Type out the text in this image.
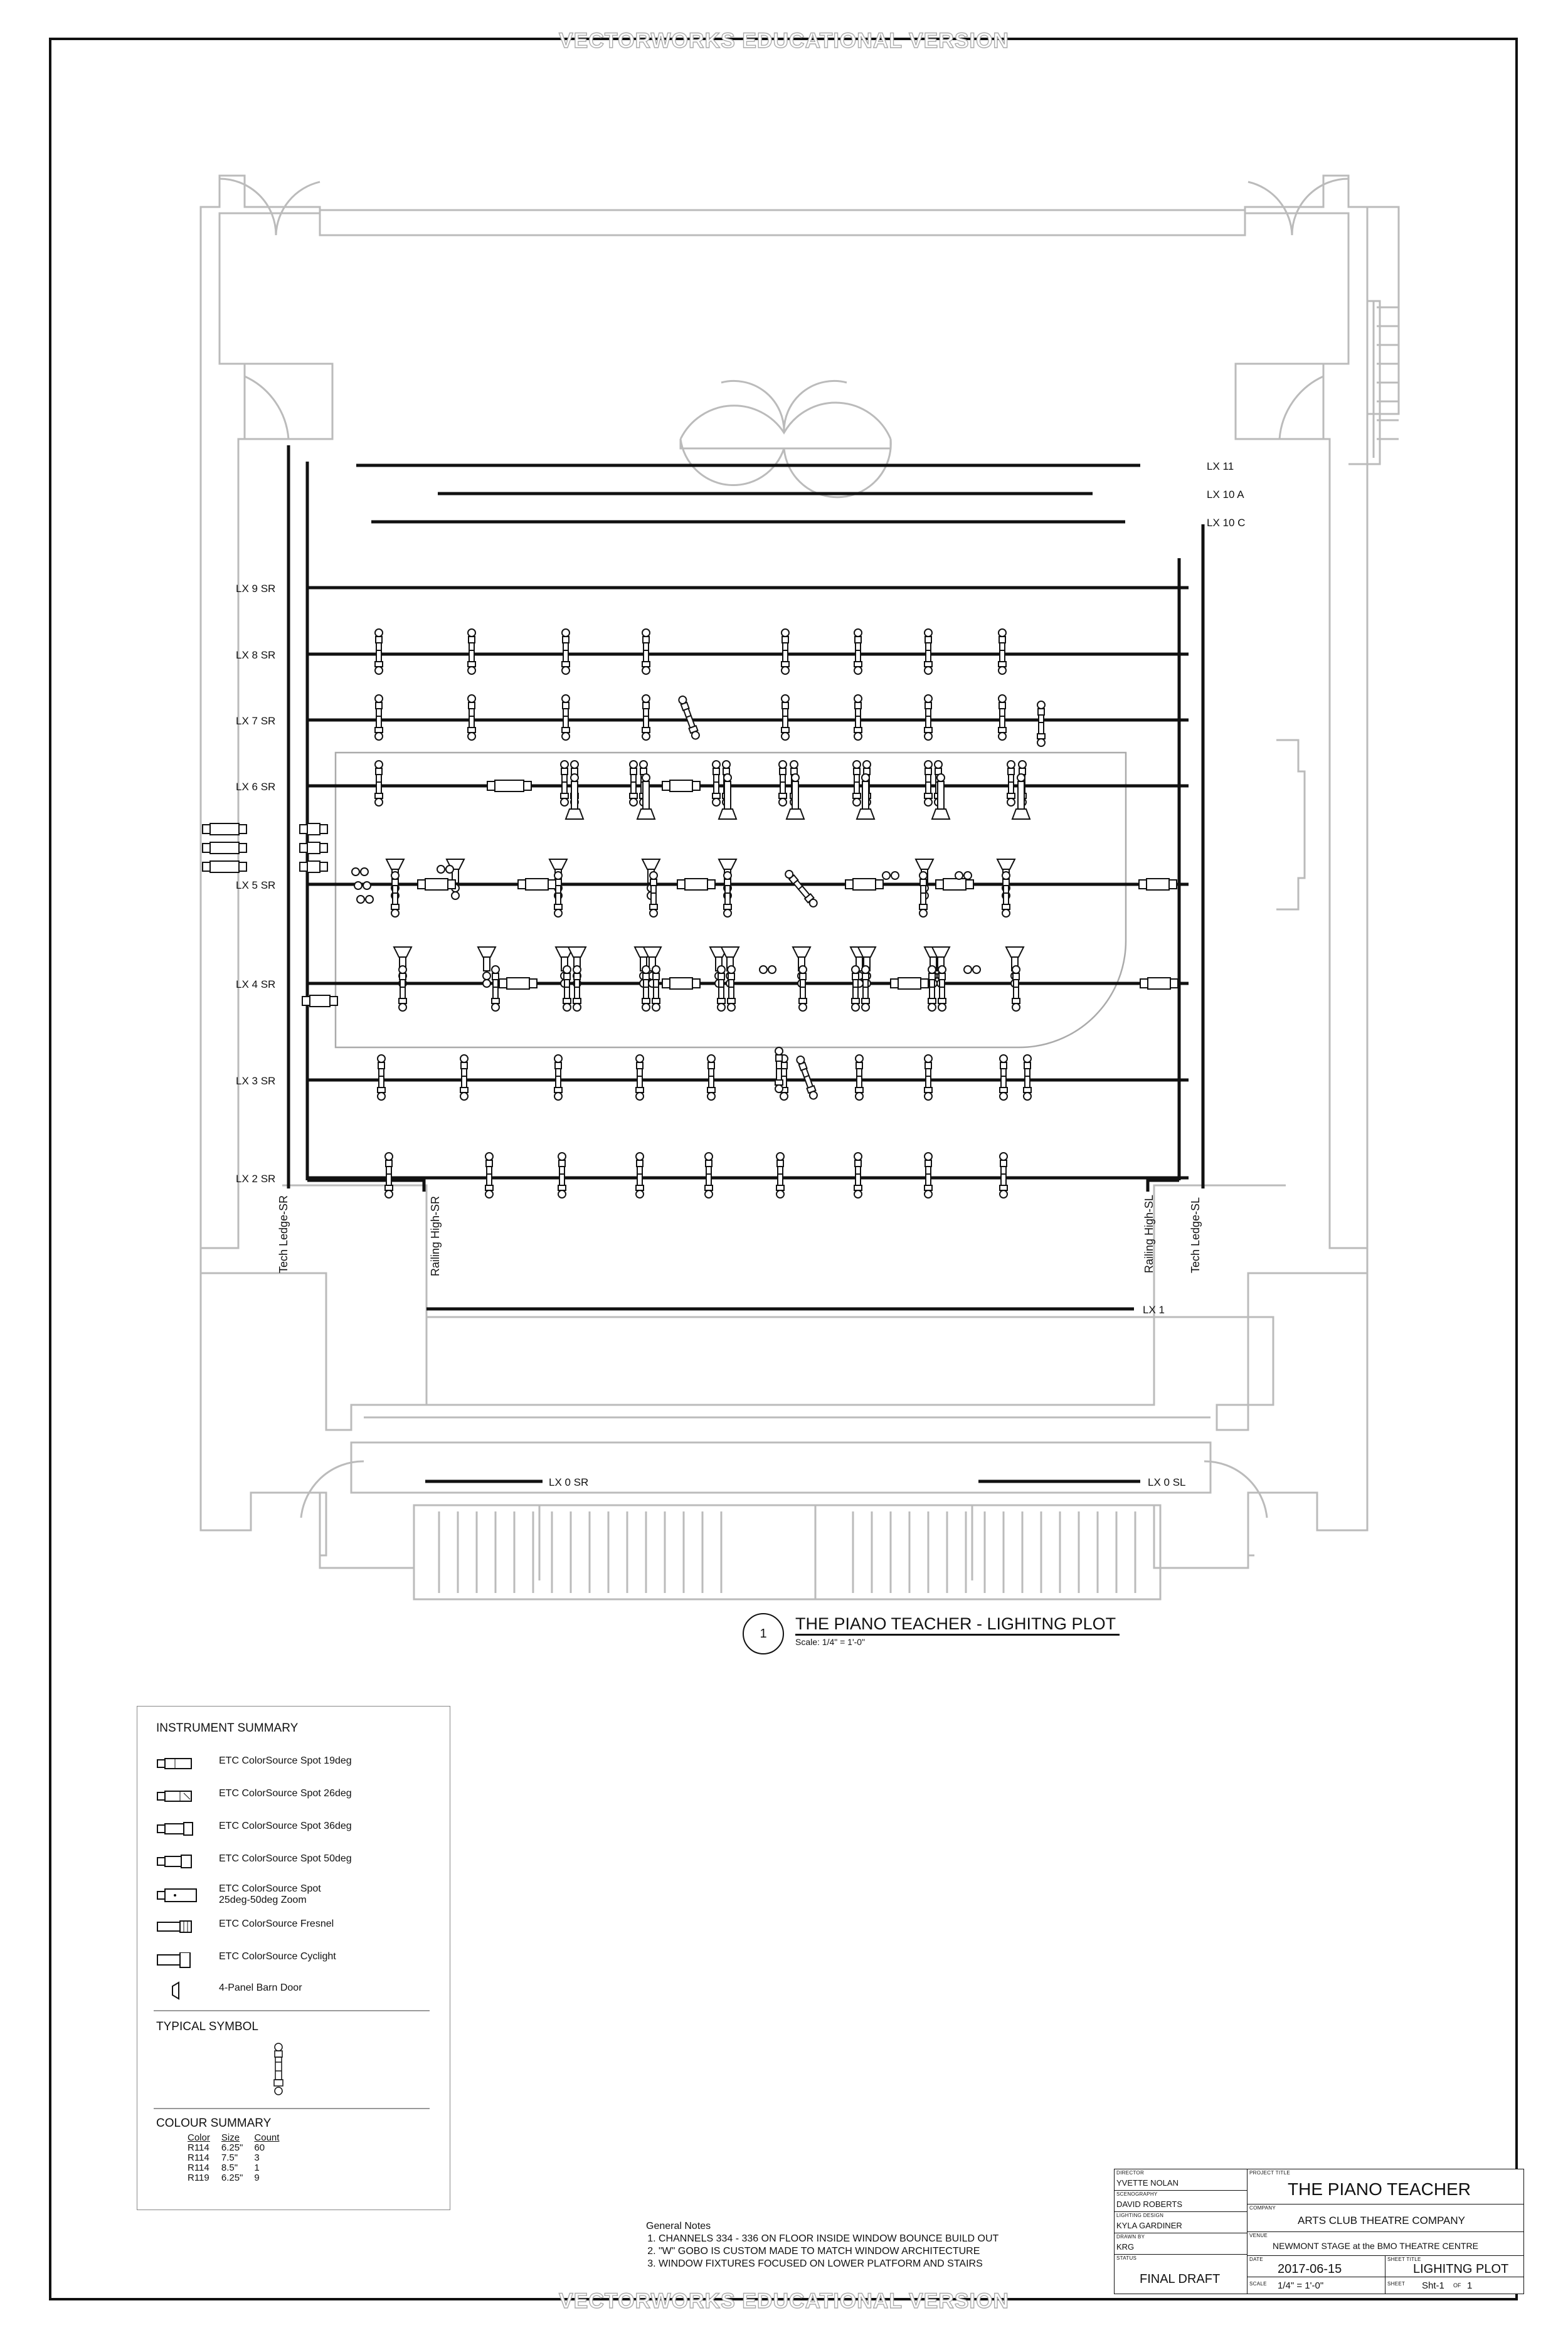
VECTORWORKS EDUCATIONAL VERSION
VECTORWORKS EDUCATIONAL VERSION
LX 11
LX 10 A
LX 10 C
LX 9 SR
LX 8 SR
LX 7 SR
LX 6 SR
LX 5 SR
LX 4 SR
LX 3 SR
LX 2 SR
LX 1
LX 0 SR	LX 0 SL
Tech Ledge-SR	Railing High-SR	Railing High-SL	Tech Ledge-SL
1
THE PIANO TEACHER - LIGHITNG PLOT
Scale: 1/4" = 1'-0"
INSTRUMENT SUMMARY
ETC ColorSource Spot 19deg
ETC ColorSource Spot 26deg
ETC ColorSource Spot 36deg
ETC ColorSource Spot 50deg
ETC ColorSource Spot
25deg-50deg Zoom
ETC ColorSource Fresnel
ETC ColorSource Cyclight
4-Panel Barn Door
TYPICAL SYMBOL
COLOUR SUMMARY
Color	Size	Count
R114	6.25"	60
R114	7.5"	3
R114	8.5"	1
R119	6.25"	9
General Notes
1. CHANNELS 334 - 336 ON FLOOR INSIDE WINDOW BOUNCE BUILD OUT
2. "W" GOBO IS CUSTOM MADE TO MATCH WINDOW ARCHITECTURE
3. WINDOW FIXTURES FOCUSED ON LOWER PLATFORM AND STAIRS
DIRECTOR
YVETTE NOLAN
SCENOGRAPHY
DAVID ROBERTS
LIGHTING DESIGN
KYLA GARDINER
DRAWN BY
KRG
STATUS
FINAL DRAFT
PROJECT TITLE
THE PIANO TEACHER
COMPANY
ARTS CLUB THEATRE COMPANY
VENUE
NEWMONT STAGE at the BMO THEATRE CENTRE
DATE
2017-06-15
SHEET TITLE
LIGHITNG PLOT
SCALE 1/4" = 1'-0"	SHEET Sht-1 OF 1
